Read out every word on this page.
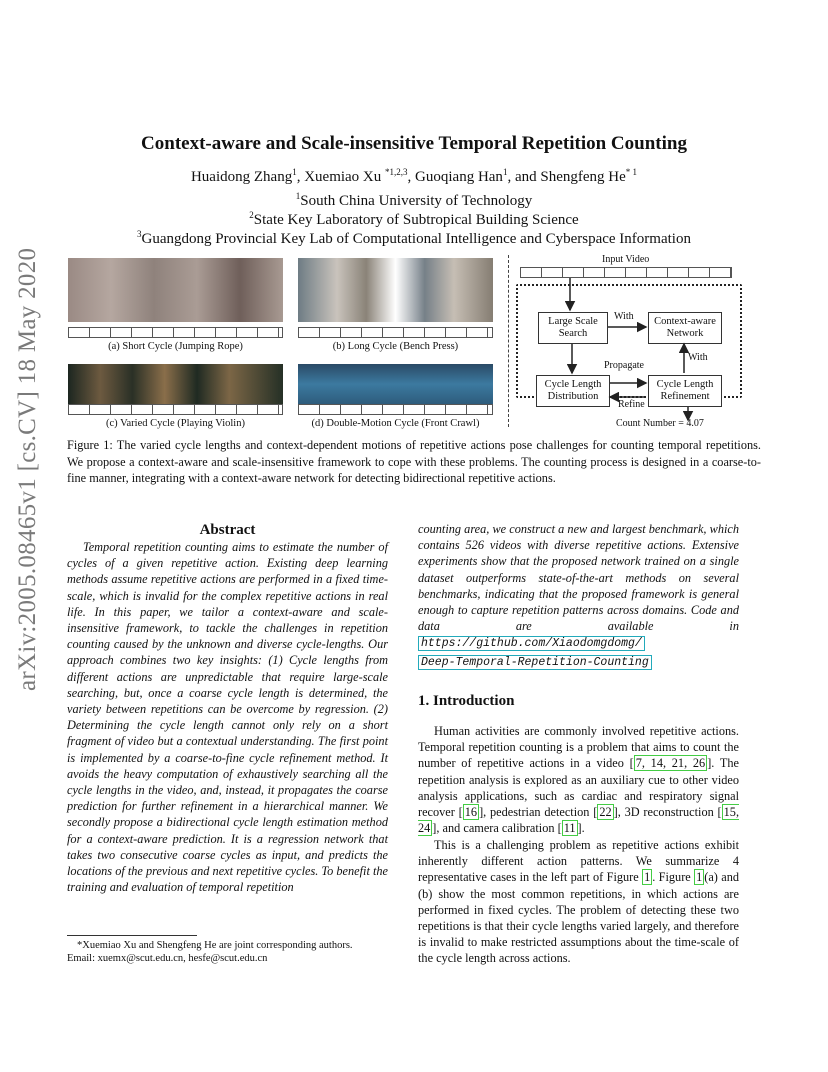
arXiv:2005.08465v1 [cs.CV] 18 May 2020
Context-aware and Scale-insensitive Temporal Repetition Counting
Huaidong Zhang$^1$, Xuemiao Xu $^{*1,2,3}$, Guoqiang Han$^1$, and Shengfeng He$^{* 1}$
$^1$South China University of Technology
$^2$State Key Laboratory of Subtropical Building Science
$^3$Guangdong Provincial Key Lab of Computational Intelligence and Cyberspace Information
(a) Short Cycle (Jumping Rope)	(b) Long Cycle (Bench Press)
(c) Varied Cycle (Playing Violin)	(d) Double-Motion Cycle (Front Crawl)
Input Video
Large Scale Search
Context-aware Network
Cycle Length Distribution
Cycle Length Refinement
With
With
Propagate
Refine
Count Number = 4.07
Figure 1: The varied cycle lengths and context-dependent motions of repetitive actions pose challenges for counting temporal repetitions. We propose a context-aware and scale-insensitive framework to cope with these problems. The counting process is designed in a coarse-to-fine manner, integrating with a context-aware network for detecting bidirectional repetitive actions.
Abstract
Temporal repetition counting aims to estimate the number of cycles of a given repetitive action. Existing deep learning methods assume repetitive actions are performed in a fixed time-scale, which is invalid for the complex repetitive actions in real life. In this paper, we tailor a context-aware and scale-insensitive framework, to tackle the challenges in repetition counting caused by the unknown and diverse cycle-lengths. Our approach combines two key insights: (1) Cycle lengths from different actions are unpredictable that require large-scale searching, but, once a coarse cycle length is determined, the variety between repetitions can be overcome by regression. (2) Determining the cycle length cannot only rely on a short fragment of video but a contextual understanding. The first point is implemented by a coarse-to-fine cycle refinement method. It avoids the heavy computation of exhaustively searching all the cycle lengths in the video, and, instead, it propagates the coarse prediction for further refinement in a hierarchical manner. We secondly propose a bidirectional cycle length estimation method for a context-aware prediction. It is a regression network that takes two consecutive coarse cycles as input, and predicts the locations of the previous and next repetitive cycles. To benefit the training and evaluation of temporal repetition
*Xuemiao Xu and Shengfeng He are joint corresponding authors.
Email: xuemx@scut.edu.cn, hesfe@scut.edu.cn
counting area, we construct a new and largest benchmark, which contains 526 videos with diverse repetitive actions. Extensive experiments show that the proposed network trained on a single dataset outperforms state-of-the-art methods on several benchmarks, indicating that the proposed framework is general enough to capture repetition patterns across domains. Code and data are available in https://github.com/Xiaodomgdomg/
Deep-Temporal-Repetition-Counting
1. Introduction
Human activities are commonly involved repetitive actions. Temporal repetition counting is a problem that aims to count the number of repetitive actions in a video [ 7, 14, 21, 26 ]. The repetition analysis is explored as an auxiliary cue to other video analysis applications, such as cardiac and respiratory signal recover [ 16 ], pedestrian detection [ 22 ], 3D reconstruction [ 15, 24 ], and camera calibration [ 11 ].
This is a challenging problem as repetitive actions exhibit inherently different action patterns. We summarize 4 representative cases in the left part of Figure 1 . Figure 1 (a) and (b) show the most common repetitions, in which actions are performed in fixed cycles. The problem of detecting these two repetitions is that their cycle lengths varied largely, and therefore is invalid to make restricted assumptions about the time-scale of the cycle length across actions.
